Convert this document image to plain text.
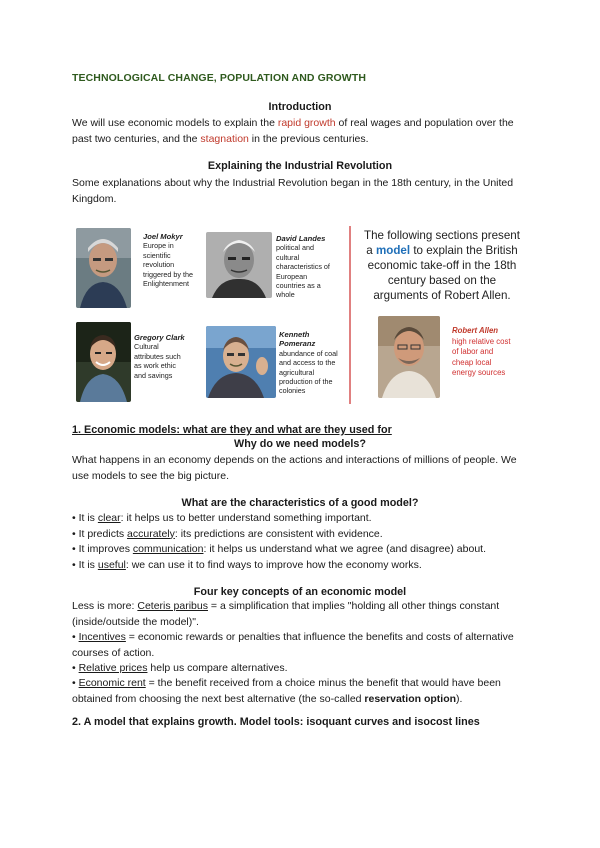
TECHNOLOGICAL CHANGE, POPULATION AND GROWTH
Introduction
We will use economic models to explain the rapid growth of real wages and population over the past two centuries, and the stagnation in the previous centuries.
Explaining the Industrial Revolution
Some explanations about why the Industrial Revolution began in the 18th century, in the United Kingdom.
Joel Mokyr
Europe in
scientific
revolution
triggered by the
Enlightenment
David Landes
political and
cultural
characteristics of
European
countries as a
whole
Gregory Clark
Cultural
attributes such
as work ethic
and savings
Kenneth
Pomeranz
abundance of coal
and access to the
agricultural
production of the
colonies
The following sections present
a model to explain the British
economic take-off in the 18th
century based on the
arguments of Robert Allen.
Robert Allen
high relative cost
of labor and
cheap local
energy sources
1. Economic models: what are they and what are they used for
Why do we need models?
What happens in an economy depends on the actions and interactions of millions of people. We use models to see the big picture.
What are the characteristics of a good model?
• It is clear: it helps us to better understand something important.
• It predicts accurately: its predictions are consistent with evidence.
• It improves communication: it helps us understand what we agree (and disagree) about.
• It is useful: we can use it to find ways to improve how the economy works.
Four key concepts of an economic model
Less is more: Ceteris paribus = a simplification that implies "holding all other things constant (inside/outside the model)".
• Incentives = economic rewards or penalties that influence the benefits and costs of alternative courses of action.
• Relative prices help us compare alternatives.
• Economic rent = the benefit received from a choice minus the benefit that would have been obtained from choosing the next best alternative (the so-called reservation option).
2. A model that explains growth. Model tools: isoquant curves and isocost lines
